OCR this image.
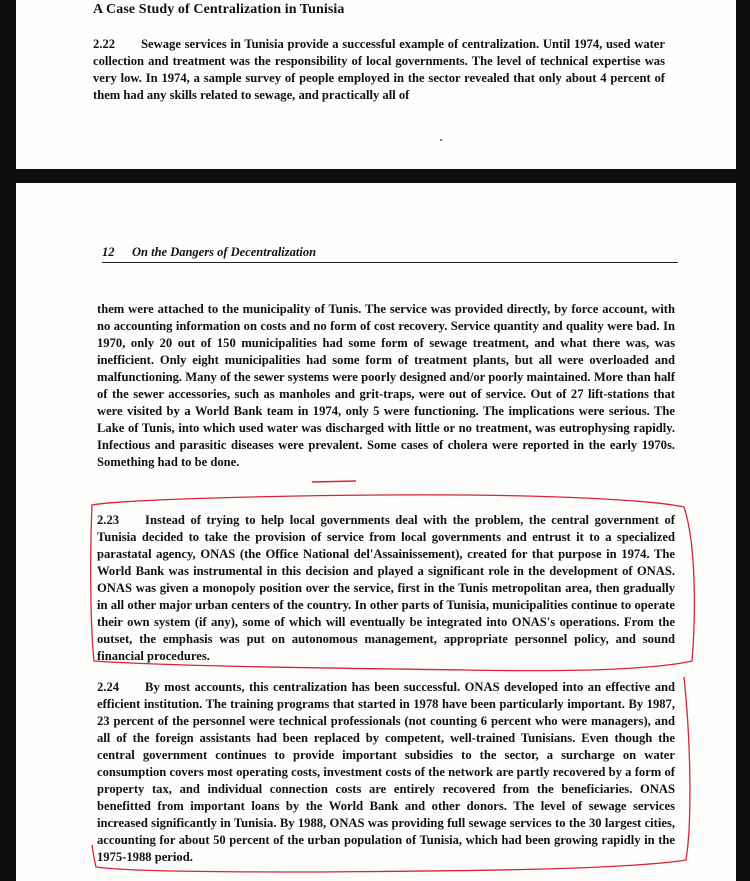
A Case Study of Centralization in Tunisia
2.22 Sewage services in Tunisia provide a successful example of centralization. Until 1974, used water collection and treatment was the responsibility of local governments. The level of technical expertise was very low. In 1974, a sample survey of people employed in the sector revealed that only about 4 percent of them had any skills related to sewage, and practically all of
12 On the Dangers of Decentralization
them were attached to the municipality of Tunis. The service was provided directly, by force account, with no accounting information on costs and no form of cost recovery. Service quantity and quality were bad. In 1970, only 20 out of 150 municipalities had some form of sewage treatment, and what there was, was inefficient. Only eight municipalities had some form of treatment plants, but all were overloaded and malfunctioning. Many of the sewer systems were poorly designed and/or poorly maintained. More than half of the sewer accessories, such as manholes and grit-traps, were out of service. Out of 27 lift-stations that were visited by a World Bank team in 1974, only 5 were functioning. The implications were serious. The Lake of Tunis, into which used water was discharged with little or no treatment, was eutrophysing rapidly. Infectious and parasitic diseases were prevalent. Some cases of cholera were reported in the early 1970s. Something had to be done.
2.23 Instead of trying to help local governments deal with the problem, the central government of Tunisia decided to take the provision of service from local governments and entrust it to a specialized parastatal agency, ONAS (the Office National del'Assainissement), created for that purpose in 1974. The World Bank was instrumental in this decision and played a significant role in the development of ONAS. ONAS was given a monopoly position over the service, first in the Tunis metropolitan area, then gradually in all other major urban centers of the country. In other parts of Tunisia, municipalities continue to operate their own system (if any), some of which will eventually be integrated into ONAS's operations. From the outset, the emphasis was put on autonomous management, appropriate personnel policy, and sound financial procedures.
2.24 By most accounts, this centralization has been successful. ONAS developed into an effective and efficient institution. The training programs that started in 1978 have been particularly important. By 1987, 23 percent of the personnel were technical professionals (not counting 6 percent who were managers), and all of the foreign assistants had been replaced by competent, well-trained Tunisians. Even though the central government continues to provide important subsidies to the sector, a surcharge on water consumption covers most operating costs, investment costs of the network are partly recovered by a form of property tax, and individual connection costs are entirely recovered from the beneficiaries. ONAS benefitted from important loans by the World Bank and other donors. The level of sewage services increased significantly in Tunisia. By 1988, ONAS was providing full sewage services to the 30 largest cities, accounting for about 50 percent of the urban population of Tunisia, which had been growing rapidly in the 1975-1988 period.
